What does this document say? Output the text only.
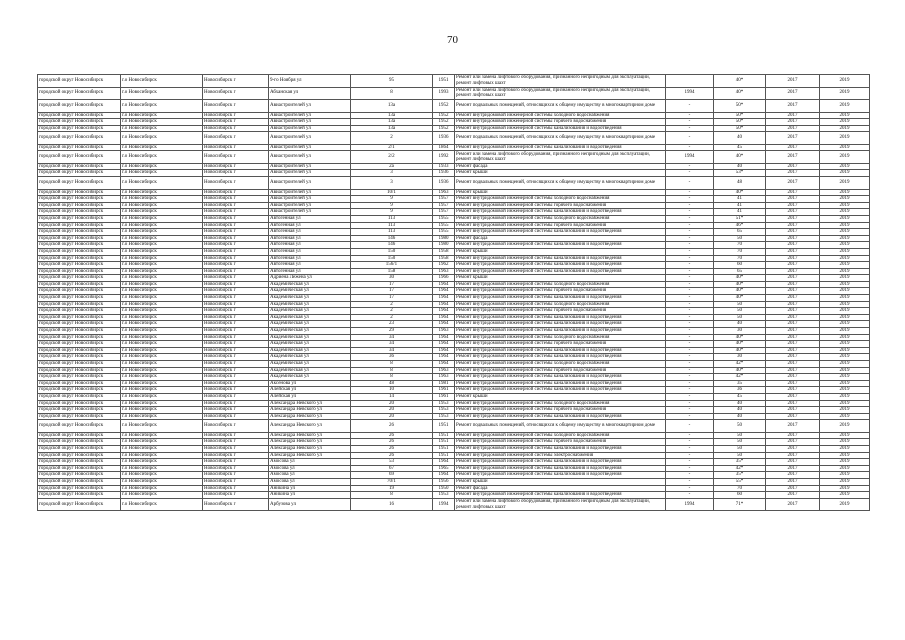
70
городской округ Новосибирск	г.о Новосибирск	Новосибирск г	9-го Ноября ул	95	1951	Ремонт или замена лифтового оборудования, признанного непригодным для эксплуатации, ремонт лифтовых шахт		40*	2017	2019
городской округ Новосибирск	г.о Новосибирск	Новосибирск г	Абханская ул	8	1993	Ремонт или замена лифтового оборудования, признанного непригодным для эксплуатации, ремонт лифтовых шахт	1994	40*	2017	2019
городской округ Новосибирск	г.о Новосибирск	Новосибирск г	Авиастроителей ул	13а	1952	Ремонт подвальных помещений, относящихся к общему имуществу в многоквартирном доме	-	50*	2017	2019
городской округ Новосибирск	г.о Новосибирск	Новосибирск г	Авиастроителей ул	13а	1952	Ремонт внутридомовой инженерной системы холодного водоснабжения	-	50*	2017	2019
городской округ Новосибирск	г.о Новосибирск	Новосибирск г	Авиастроителей ул	13а	1952	Ремонт внутридомовой инженерной системы горячего водоснабжения	-	50*	2017	2019
городской округ Новосибирск	г.о Новосибирск	Новосибирск г	Авиастроителей ул	13а	1952	Ремонт внутридомовой инженерной системы канализования и водоотведения	-	50*	2017	2019
городской округ Новосибирск	г.о Новосибирск	Новосибирск г	Авиастроителей ул	2	1936	Ремонт подвальных помещений, относящихся к общему имуществу в многоквартирном доме	-	40	2017	2019
городской округ Новосибирск	г.о Новосибирск	Новосибирск г	Авиастроителей ул	2/1	1864	Ремонт внутридомовой инженерной системы канализования и водоотведения	-	45	2017	2019
городской округ Новосибирск	г.о Новосибирск	Новосибирск г	Авиастроителей ул	2/2	1992	Ремонт или замена лифтового оборудования, признанного непригодным для эксплуатации, ремонт лифтовых шахт	1994	40*	2017	2019
городской округ Новосибирск	г.о Новосибирск	Новосибирск г	Авиастроителей ул	2а	1933	Ремонт фасада	-	40	2017	2019
городской округ Новосибирск	г.о Новосибирск	Новосибирск г	Авиастроителей ул	3	1936	Ремонт крыши	-	53*	2017	2019
городской округ Новосибирск	г.о Новосибирск	Новосибирск г	Авиастроителей ул	3	1936	Ремонт подвальных помещений, относящихся к общему имуществу в многоквартирном доме	-	48	2017	2019
городской округ Новосибирск	г.о Новосибирск	Новосибирск г	Авиастроителей ул	10/1	1963	Ремонт крыши	-	40*	2017	2019
городской округ Новосибирск	г.о Новосибирск	Новосибирск г	Авиастроителей ул	9	1957	Ремонт внутридомовой инженерной системы холодного водоснабжения	-	41	2017	2019
городской округ Новосибирск	г.о Новосибирск	Новосибирск г	Авиастроителей ул	9	1957	Ремонт внутридомовой инженерной системы горячего водоснабжения	-	41	2017	2019
городской округ Новосибирск	г.о Новосибирск	Новосибирск г	Авиастроителей ул	9	1957	Ремонт внутридомовой инженерной системы канализования и водоотведения	-	41	2017	2019
городской округ Новосибирск	г.о Новосибирск	Новосибирск г	Автогенная ул	113	1955	Ремонт внутридомовой инженерной системы холодного водоснабжения	-	51*	2017	2019
городской округ Новосибирск	г.о Новосибирск	Новосибирск г	Автогенная ул	113	1955	Ремонт внутридомовой инженерной системы горячего водоснабжения	-	46*	2017	2019
городской округ Новосибирск	г.о Новосибирск	Новосибирск г	Автогенная ул	113	1955	Ремонт внутридомовой инженерной системы канализования и водоотведения	-	65	2017	2019
городской округ Новосибирск	г.о Новосибирск	Новосибирск г	Автогенная ул	146	1980	Ремонт фасада	-	50	2017	2019
городской округ Новосибирск	г.о Новосибирск	Новосибирск г	Автогенная ул	146	1980	Ремонт внутридомовой инженерной системы канализования и водоотведения	-	70	2017	2019
городской округ Новосибирск	г.о Новосибирск	Новосибирск г	Автогенная ул	150	1958	Ремонт крыши	-	70	2017	2019
городской округ Новосибирск	г.о Новосибирск	Новосибирск г	Автогенная ул	150	1958	Ремонт внутридомовой инженерной системы канализования и водоотведения	-	70	2017	2019
городской округ Новосибирск	г.о Новосибирск	Новосибирск г	Автогенная ул	156/1	1962	Ремонт внутридомовой инженерной системы канализования и водоотведения	-	60	2017	2019
городской округ Новосибирск	г.о Новосибирск	Новосибирск г	Автогенная ул	158	1963	Ремонт внутридомовой инженерной системы канализования и водоотведения	-	65	2017	2019
городской округ Новосибирск	г.о Новосибирск	Новосибирск г	Адриена Лежена ул	30	1966	Ремонт крыши	-	40*	2017	2019
городской округ Новосибирск	г.о Новосибирск	Новосибирск г	Академическая ул	17	1964	Ремонт внутридомовой инженерной системы холодного водоснабжения	-	40*	2017	2019
городской округ Новосибирск	г.о Новосибирск	Новосибирск г	Академическая ул	17	1964	Ремонт внутридомовой инженерной системы горячего водоснабжения	-	40*	2017	2019
городской округ Новосибирск	г.о Новосибирск	Новосибирск г	Академическая ул	17	1964	Ремонт внутридомовой инженерной системы канализования и водоотведения	-	40*	2017	2019
городской округ Новосибирск	г.о Новосибирск	Новосибирск г	Академическая ул	2	1964	Ремонт внутридомовой инженерной системы холодного водоснабжения	-	50	2017	2019
городской округ Новосибирск	г.о Новосибирск	Новосибирск г	Академическая ул	2	1964	Ремонт внутридомовой инженерной системы горячего водоснабжения	-	50	2017	2019
городской округ Новосибирск	г.о Новосибирск	Новосибирск г	Академическая ул	2	1964	Ремонт внутридомовой инженерной системы канализования и водоотведения	-	50	2017	2019
городской округ Новосибирск	г.о Новосибирск	Новосибирск г	Академическая ул	23	1964	Ремонт внутридомовой инженерной системы канализования и водоотведения	-	40	2017	2019
городской округ Новосибирск	г.о Новосибирск	Новосибирск г	Академическая ул	29	1963	Ремонт внутридомовой инженерной системы канализования и водоотведения	-	30	2017	2019
городской округ Новосибирск	г.о Новосибирск	Новосибирск г	Академическая ул	34	1964	Ремонт внутридомовой инженерной системы холодного водоснабжения	-	40*	2017	2019
городской округ Новосибирск	г.о Новосибирск	Новосибирск г	Академическая ул	34	1964	Ремонт внутридомовой инженерной системы горячего водоснабжения	-	40*	2017	2019
городской округ Новосибирск	г.о Новосибирск	Новосибирск г	Академическая ул	34	1964	Ремонт внутридомовой инженерной системы канализования и водоотведения	-	40*	2017	2019
городской округ Новосибирск	г.о Новосибирск	Новосибирск г	Академическая ул	36	1964	Ремонт внутридомовой инженерной системы канализования и водоотведения	-	30	2017	2019
городской округ Новосибирск	г.о Новосибирск	Новосибирск г	Академическая ул	8	1964	Ремонт внутридомовой инженерной системы холодного водоснабжения	-	42*	2017	2019
городской округ Новосибирск	г.о Новосибирск	Новосибирск г	Академическая ул	8	1963	Ремонт внутридомовой инженерной системы горячего водоснабжения	-	40*	2017	2019
городской округ Новосибирск	г.о Новосибирск	Новосибирск г	Академическая ул	8	1963	Ремонт внутридомовой инженерной системы канализования и водоотведения	-	42*	2017	2019
городской округ Новосибирск	г.о Новосибирск	Новосибирск г	Аксенова ул	48	1981	Ремонт внутридомовой инженерной системы канализования и водоотведения	-	35	2017	2019
городской округ Новосибирск	г.о Новосибирск	Новосибирск г	Алейская ул	10	1961	Ремонт внутридомовой инженерной системы канализования и водоотведения	-	36	2017	2019
городской округ Новосибирск	г.о Новосибирск	Новосибирск г	Алейская ул	14	1961	Ремонт крыши	-	45	2017	2019
городской округ Новосибирск	г.о Новосибирск	Новосибирск г	Александра Невского ул	20	1953	Ремонт внутридомовой инженерной системы холодного водоснабжения	-	40	2017	2019
городской округ Новосибирск	г.о Новосибирск	Новосибирск г	Александра Невского ул	20	1953	Ремонт внутридомовой инженерной системы горячего водоснабжения	-	40	2017	2019
городской округ Новосибирск	г.о Новосибирск	Новосибирск г	Александра Невского ул	20	1953	Ремонт внутридомовой инженерной системы канализования и водоотведения	-	40	2017	2019
городской округ Новосибирск	г.о Новосибирск	Новосибирск г	Александра Невского ул	26	1951	Ремонт подвальных помещений, относящихся к общему имуществу в многоквартирном доме	-	50	2017	2019
городской округ Новосибирск	г.о Новосибирск	Новосибирск г	Александра Невского ул	26	1951	Ремонт внутридомовой инженерной системы холодного водоснабжения	-	50	2017	2019
городской округ Новосибирск	г.о Новосибирск	Новосибирск г	Александра Невского ул	26	1951	Ремонт внутридомовой инженерной системы горячего водоснабжения	-	50	2017	2019
городской округ Новосибирск	г.о Новосибирск	Новосибирск г	Александра Невского ул	26	1951	Ремонт внутридомовой инженерной системы канализования и водоотведения	-	50	2017	2019
городской округ Новосибирск	г.о Новосибирск	Новосибирск г	Александра Невского ул	26	1951	Ремонт внутридомовой инженерной системы электроснабжения	-	50	2017	2019
городской округ Новосибирск	г.о Новосибирск	Новосибирск г	Амосова ул	53	1964	Ремонт внутридомовой инженерной системы канализования и водоотведения	-	35*	2017	2019
городской округ Новосибирск	г.о Новосибирск	Новосибирск г	Амосова ул	67	1965	Ремонт внутридомовой инженерной системы канализования и водоотведения	-	42*	2017	2019
городской округ Новосибирск	г.о Новосибирск	Новосибирск г	Амосова ул	69	1964	Ремонт внутридомовой инженерной системы канализования и водоотведения	-	35*	2017	2019
городской округ Новосибирск	г.о Новосибирск	Новосибирск г	Амосова ул	70/1	1956	Ремонт крыши	-	55*	2017	2019
городской округ Новосибирск	г.о Новосибирск	Новосибирск г	Аникина ул	19	1950	Ремонт фасада	-	70	2017	2019
городской округ Новосибирск	г.о Новосибирск	Новосибирск г	Аникина ул	8	1953	Ремонт внутридомовой инженерной системы канализования и водоотведения	-	60	2017	2019
городской округ Новосибирск	г.о Новосибирск	Новосибирск г	Арбузова ул	16	1994	Ремонт или замена лифтового оборудования, признанного непригодным для эксплуатации, ремонт лифтовых шахт	1994	71*	2017	2019
